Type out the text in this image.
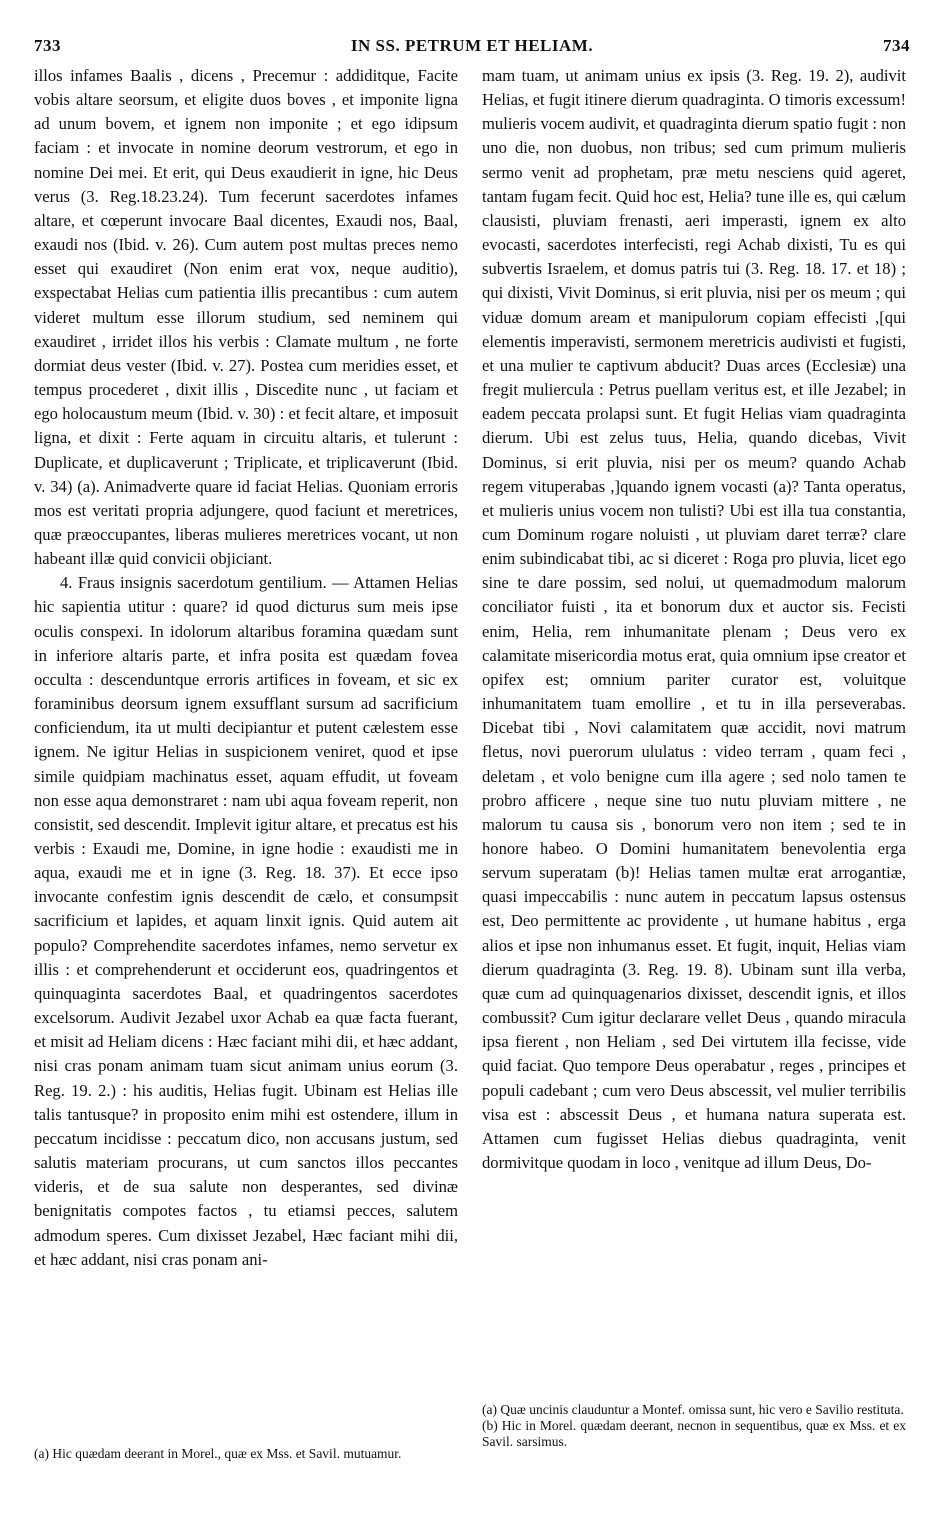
733	IN SS. PETRUM ET HELIAM.	734

illos infames Baalis , dicens , Precemur : addiditque, Facite vobis altare seorsum, et eligite duos boves , et imponite ligna ad unum bovem, et ignem non imponite ; et ego idipsum faciam : et invocate in nomine deorum vestrorum, et ego in nomine Dei mei. Et erit, qui Deus exaudierit in igne, hic Deus verus (3. Reg.18.23.24). Tum fecerunt sacerdotes infames altare, et cœperunt invocare Baal dicentes, Exaudi nos, Baal, exaudi nos (Ibid. v. 26). Cum autem post multas preces nemo esset qui exaudiret (Non enim erat vox, neque auditio), exspectabat Helias cum patientia illis precantibus : cum autem videret multum esse illorum studium, sed neminem qui exaudiret , irridet illos his verbis : Clamate multum , ne forte dormiat deus vester (Ibid. v. 27). Postea cum meridies esset, et tempus procederet , dixit illis , Discedite nunc , ut faciam et ego holocaustum meum (Ibid. v. 30) : et fecit altare, et imposuit ligna, et dixit : Ferte aquam in circuitu altaris, et tulerunt : Duplicate, et duplicaverunt ; Triplicate, et triplicaverunt (Ibid. v. 34) (a). Animadverte quare id faciat Helias. Quoniam erroris mos est veritati propria adjungere, quod faciunt et meretrices, quæ præoccupantes, liberas mulieres meretrices vocant, ut non habeant illæ quid convicii objiciant.

4. Fraus insignis sacerdotum gentilium. — Attamen Helias hic sapientia utitur : quare? id quod dicturus sum meis ipse oculis conspexi. In idolorum altaribus foramina quædam sunt in inferiore altaris parte, et infra posita est quædam fovea occulta : descenduntque erroris artifices in foveam, et sic ex foraminibus deorsum ignem exsufflant sursum ad sacrificium conficiendum, ita ut multi decipiantur et putent cælestem esse ignem. Ne igitur Helias in suspicionem veniret, quod et ipse simile quidpiam machinatus esset, aquam effudit, ut foveam non esse aqua demonstraret : nam ubi aqua foveam reperit, non consistit, sed descendit. Implevit igitur altare, et precatus est his verbis : Exaudi me, Domine, in igne hodie : exaudisti me in aqua, exaudi me et in igne (3. Reg. 18. 37). Et ecce ipso invocante confestim ignis descendit de cælo, et consumpsit sacrificium et lapides, et aquam linxit ignis. Quid autem ait populo? Comprehendite sacerdotes infames, nemo servetur ex illis : et comprehenderunt et occiderunt eos, quadringentos et quinquaginta sacerdotes Baal, et quadringentos sacerdotes excelsorum. Audivit Jezabel uxor Achab ea quæ facta fuerant, et misit ad Heliam dicens : Hæc faciant mihi dii, et hæc addant, nisi cras ponam animam tuam sicut animam unius eorum (3. Reg. 19. 2.) : his auditis, Helias fugit. Ubinam est Helias ille talis tantusque? in proposito enim mihi est ostendere, illum in peccatum incidisse : peccatum dico, non accusans justum, sed salutis materiam procurans, ut cum sanctos illos peccantes videris, et de sua salute non desperantes, sed divinæ benignitatis compotes factos , tu etiamsi pecces, salutem admodum speres. Cum dixisset Jezabel, Hæc faciant mihi dii, et hæc addant, nisi cras ponam ani-

mam tuam, ut animam unius ex ipsis (3. Reg. 19. 2), audivit Helias, et fugit itinere dierum quadraginta. O timoris excessum! mulieris vocem audivit, et quadraginta dierum spatio fugit : non uno die, non duobus, non tribus; sed cum primum mulieris sermo venit ad prophetam, præ metu nesciens quid ageret, tantam fugam fecit. Quid hoc est, Helia? tune ille es, qui cælum clausisti, pluviam frenasti, aeri imperasti, ignem ex alto evocasti, sacerdotes interfecisti, regi Achab dixisti, Tu es qui subvertis Israelem, et domus patris tui (3. Reg. 18. 17. et 18) ; qui dixisti, Vivit Dominus, si erit pluvia, nisi per os meum ; qui viduæ domum aream et manipulorum copiam effecisti ,[qui elementis imperavisti, sermonem meretricis audivisti et fugisti, et una mulier te captivum abducit? Duas arces (Ecclesiæ) una fregit muliercula : Petrus puellam veritus est, et ille Jezabel; in eadem peccata prolapsi sunt. Et fugit Helias viam quadraginta dierum. Ubi est zelus tuus, Helia, quando dicebas, Vivit Dominus, si erit pluvia, nisi per os meum? quando Achab regem vituperabas ,]quando ignem vocasti (a)? Tanta operatus, et mulieris unius vocem non tulisti? Ubi est illa tua constantia, cum Dominum rogare noluisti , ut pluviam daret terræ? clare enim subindicabat tibi, ac si diceret : Roga pro pluvia, licet ego sine te dare possim, sed nolui, ut quemadmodum malorum conciliator fuisti , ita et bonorum dux et auctor sis. Fecisti enim, Helia, rem inhumanitate plenam ; Deus vero ex calamitate misericordia motus erat, quia omnium ipse creator et opifex est; omnium pariter curator est, voluitque inhumanitatem tuam emollire , et tu in illa perseverabas. Dicebat tibi , Novi calamitatem quæ accidit, novi matrum fletus, novi puerorum ululatus : video terram , quam feci , deletam , et volo benigne cum illa agere ; sed nolo tamen te probro afficere , neque sine tuo nutu pluviam mittere , ne malorum tu causa sis , bonorum vero non item ; sed te in honore habeo. O Domini humanitatem benevolentia erga servum superatam (b)! Helias tamen multæ erat arrogantiæ, quasi impeccabilis : nunc autem in peccatum lapsus ostensus est, Deo permittente ac providente , ut humane habitus , erga alios et ipse non inhumanus esset. Et fugit, inquit, Helias viam dierum quadraginta (3. Reg. 19. 8). Ubinam sunt illa verba, quæ cum ad quinquagenarios dixisset, descendit ignis, et illos combussit? Cum igitur declarare vellet Deus , quando miracula ipsa fierent , non Heliam , sed Dei virtutem illa fecisse, vide quid faciat. Quo tempore Deus operabatur , reges , principes et populi cadebant ; cum vero Deus abscessit, vel mulier terribilis visa est : abscessit Deus , et humana natura superata est. Attamen cum fugisset Helias diebus quadraginta, venit dormivitque quodam in loco , venitque ad illum Deus, Do-

(a) Hic quædam deerant in Morel., quæ ex Mss. et Savil. mutuamur.

(a) Quæ uncinis clauduntur a Montef. omissa sunt, hic vero e Savilio restituta.

(b) Hic in Morel. quædam deerant, necnon in sequentibus, quæ ex Mss. et ex Savil. sarsimus.
